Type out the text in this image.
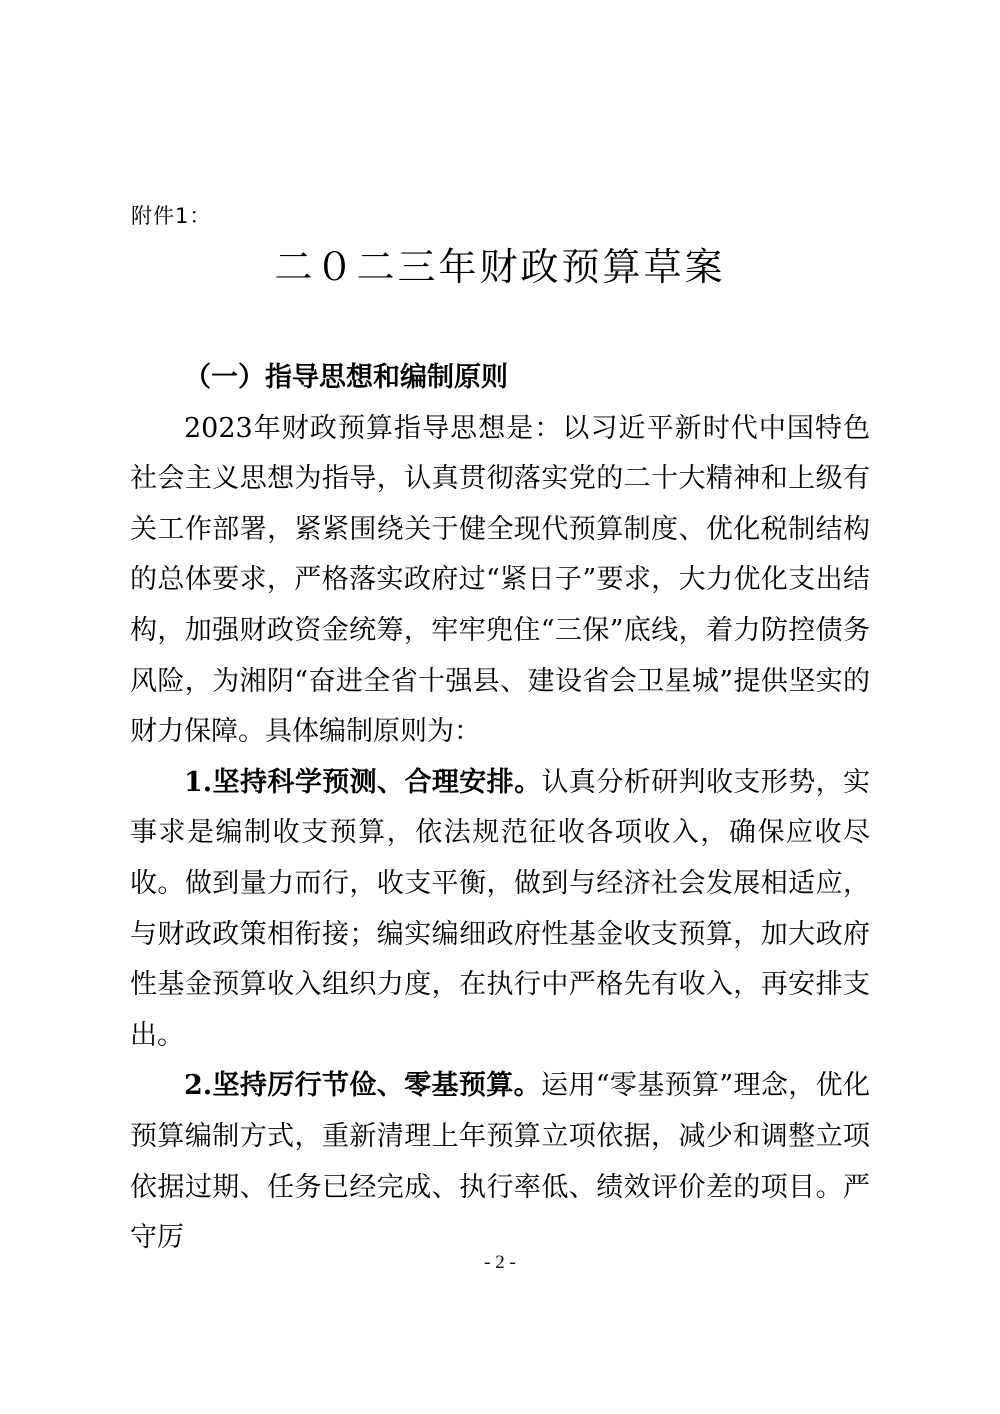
附件1：
二０二三年财政预算草案

（一）指导思想和编制原则

2023年财政预算指导思想是：以习近平新时代中国特色社会主义思想为指导，认真贯彻落实党的二十大精神和上级有关工作部署，紧紧围绕关于健全现代预算制度、优化税制结构的总体要求，严格落实政府过“紧日子”要求，大力优化支出结构，加强财政资金统筹，牢牢兜住“三保”底线，着力防控债务风险，为湘阴“奋进全省十强县、建设省会卫星城”提供坚实的财力保障。具体编制原则为：

1.坚持科学预测、合理安排。认真分析研判收支形势，实事求是编制收支预算，依法规范征收各项收入，确保应收尽收。做到量力而行，收支平衡，做到与经济社会发展相适应，与财政政策相衔接；编实编细政府性基金收支预算，加大政府性基金预算收入组织力度，在执行中严格先有收入，再安排支出。

2.坚持厉行节俭、零基预算。运用“零基预算”理念，优化预算编制方式，重新清理上年预算立项依据，减少和调整立项依据过期、任务已经完成、执行率低、绩效评价差的项目。严守厉

- 2 -
